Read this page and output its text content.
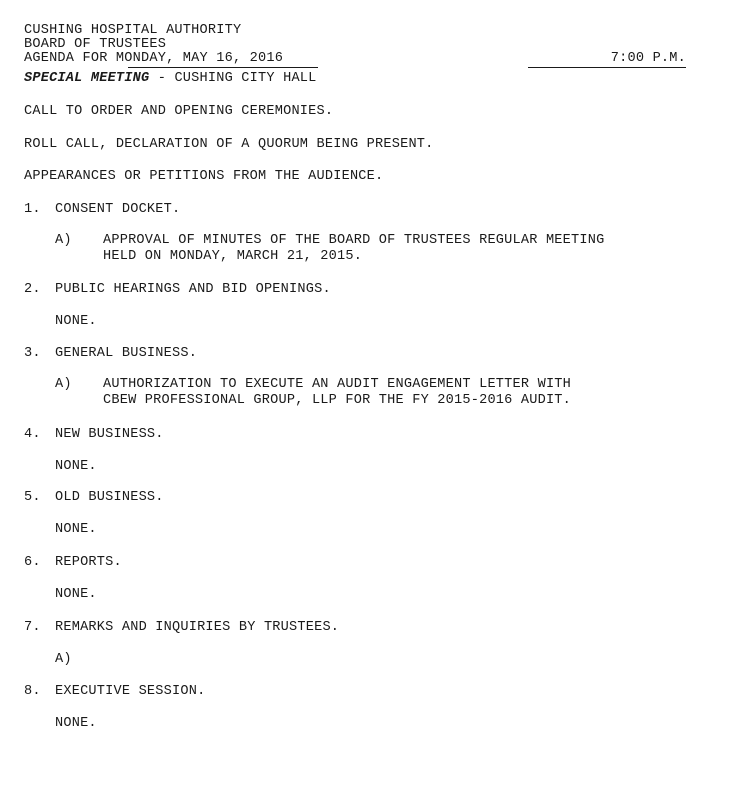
CUSHING HOSPITAL AUTHORITY
BOARD OF TRUSTEES
AGENDA FOR MONDAY, MAY 16, 2016	7:00 P.M.
SPECIAL MEETING - CUSHING CITY HALL
CALL TO ORDER AND OPENING CEREMONIES.
ROLL CALL, DECLARATION OF A QUORUM BEING PRESENT.
APPEARANCES OR PETITIONS FROM THE AUDIENCE.
1. CONSENT DOCKET.
A) APPROVAL OF MINUTES OF THE BOARD OF TRUSTEES REGULAR MEETING
HELD ON MONDAY, MARCH 21, 2015.
2. PUBLIC HEARINGS AND BID OPENINGS.
NONE.
3. GENERAL BUSINESS.
A) AUTHORIZATION TO EXECUTE AN AUDIT ENGAGEMENT LETTER WITH
CBEW PROFESSIONAL GROUP, LLP FOR THE FY 2015-2016 AUDIT.
4. NEW BUSINESS.
NONE.
5. OLD BUSINESS.
NONE.
6. REPORTS.
NONE.
7. REMARKS AND INQUIRIES BY TRUSTEES.
A)
8. EXECUTIVE SESSION.
NONE.
